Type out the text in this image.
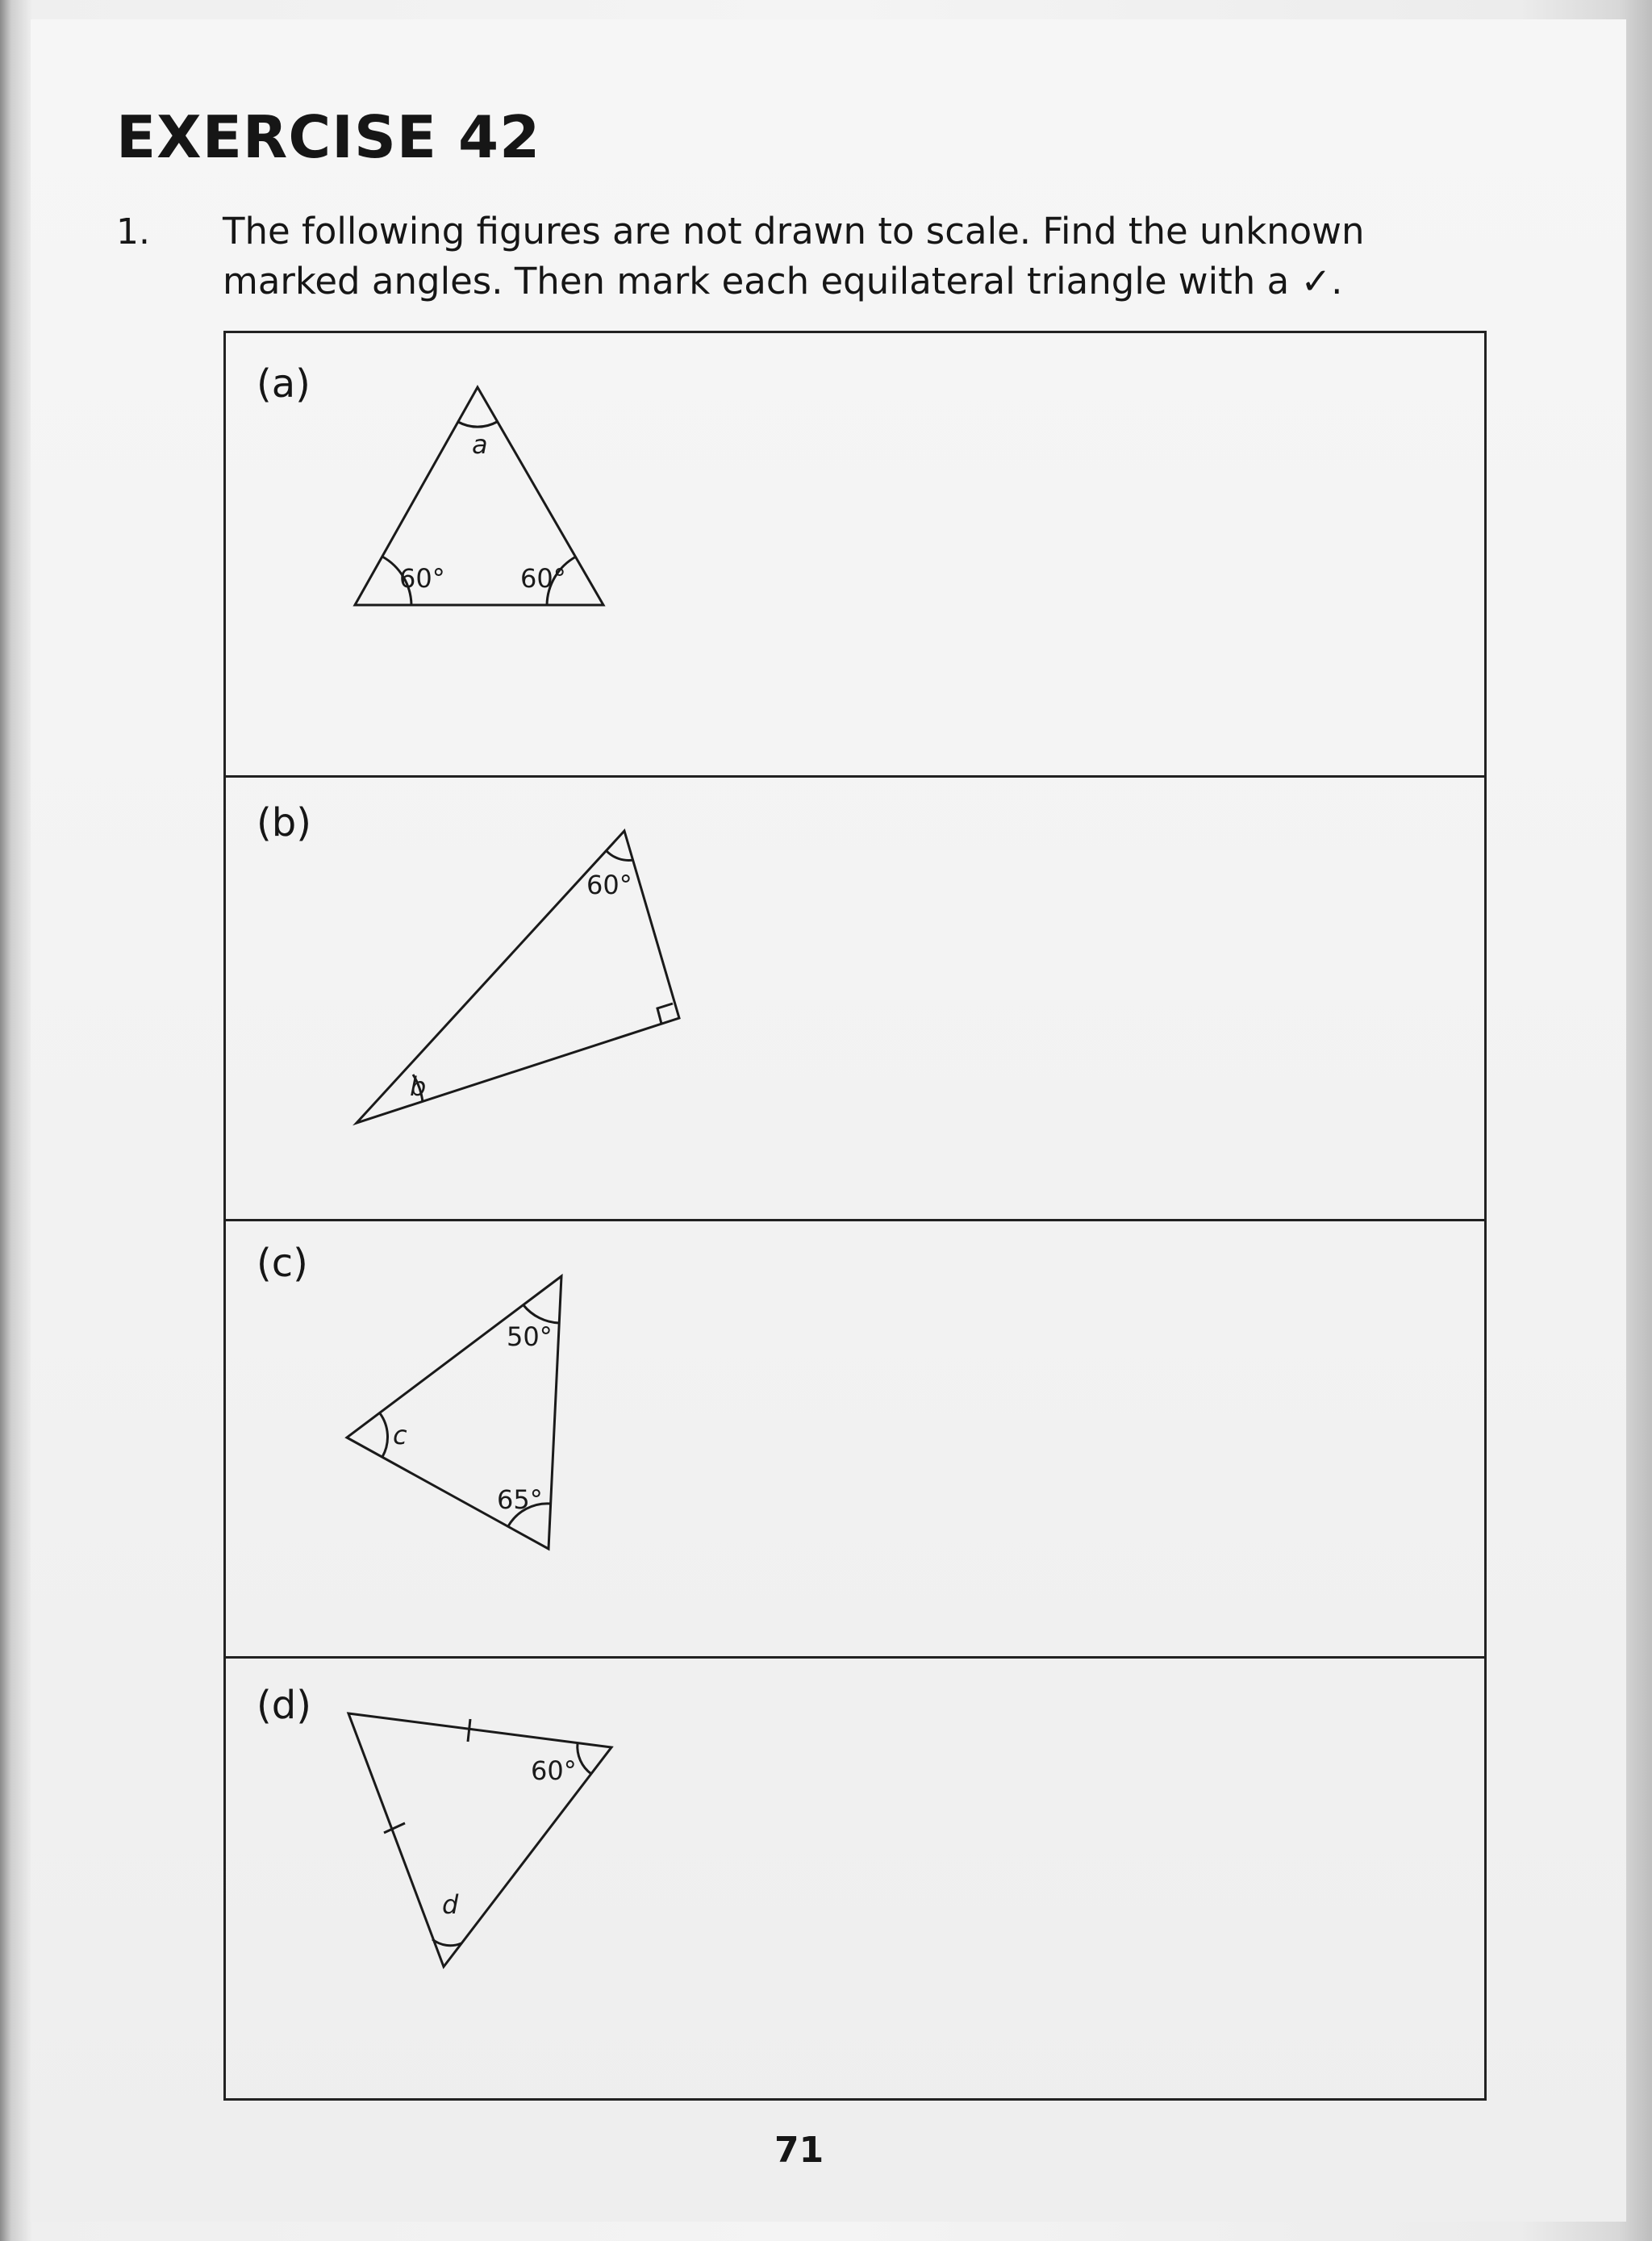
EXERCISE 42
1. The following figures are not drawn to scale. Find the unknown
marked angles. Then mark each equilateral triangle with a ✓.
(a)
(b)
(c)
(d)
a
60°	60°
60°
b
50°
c
65°
60°
d
71
